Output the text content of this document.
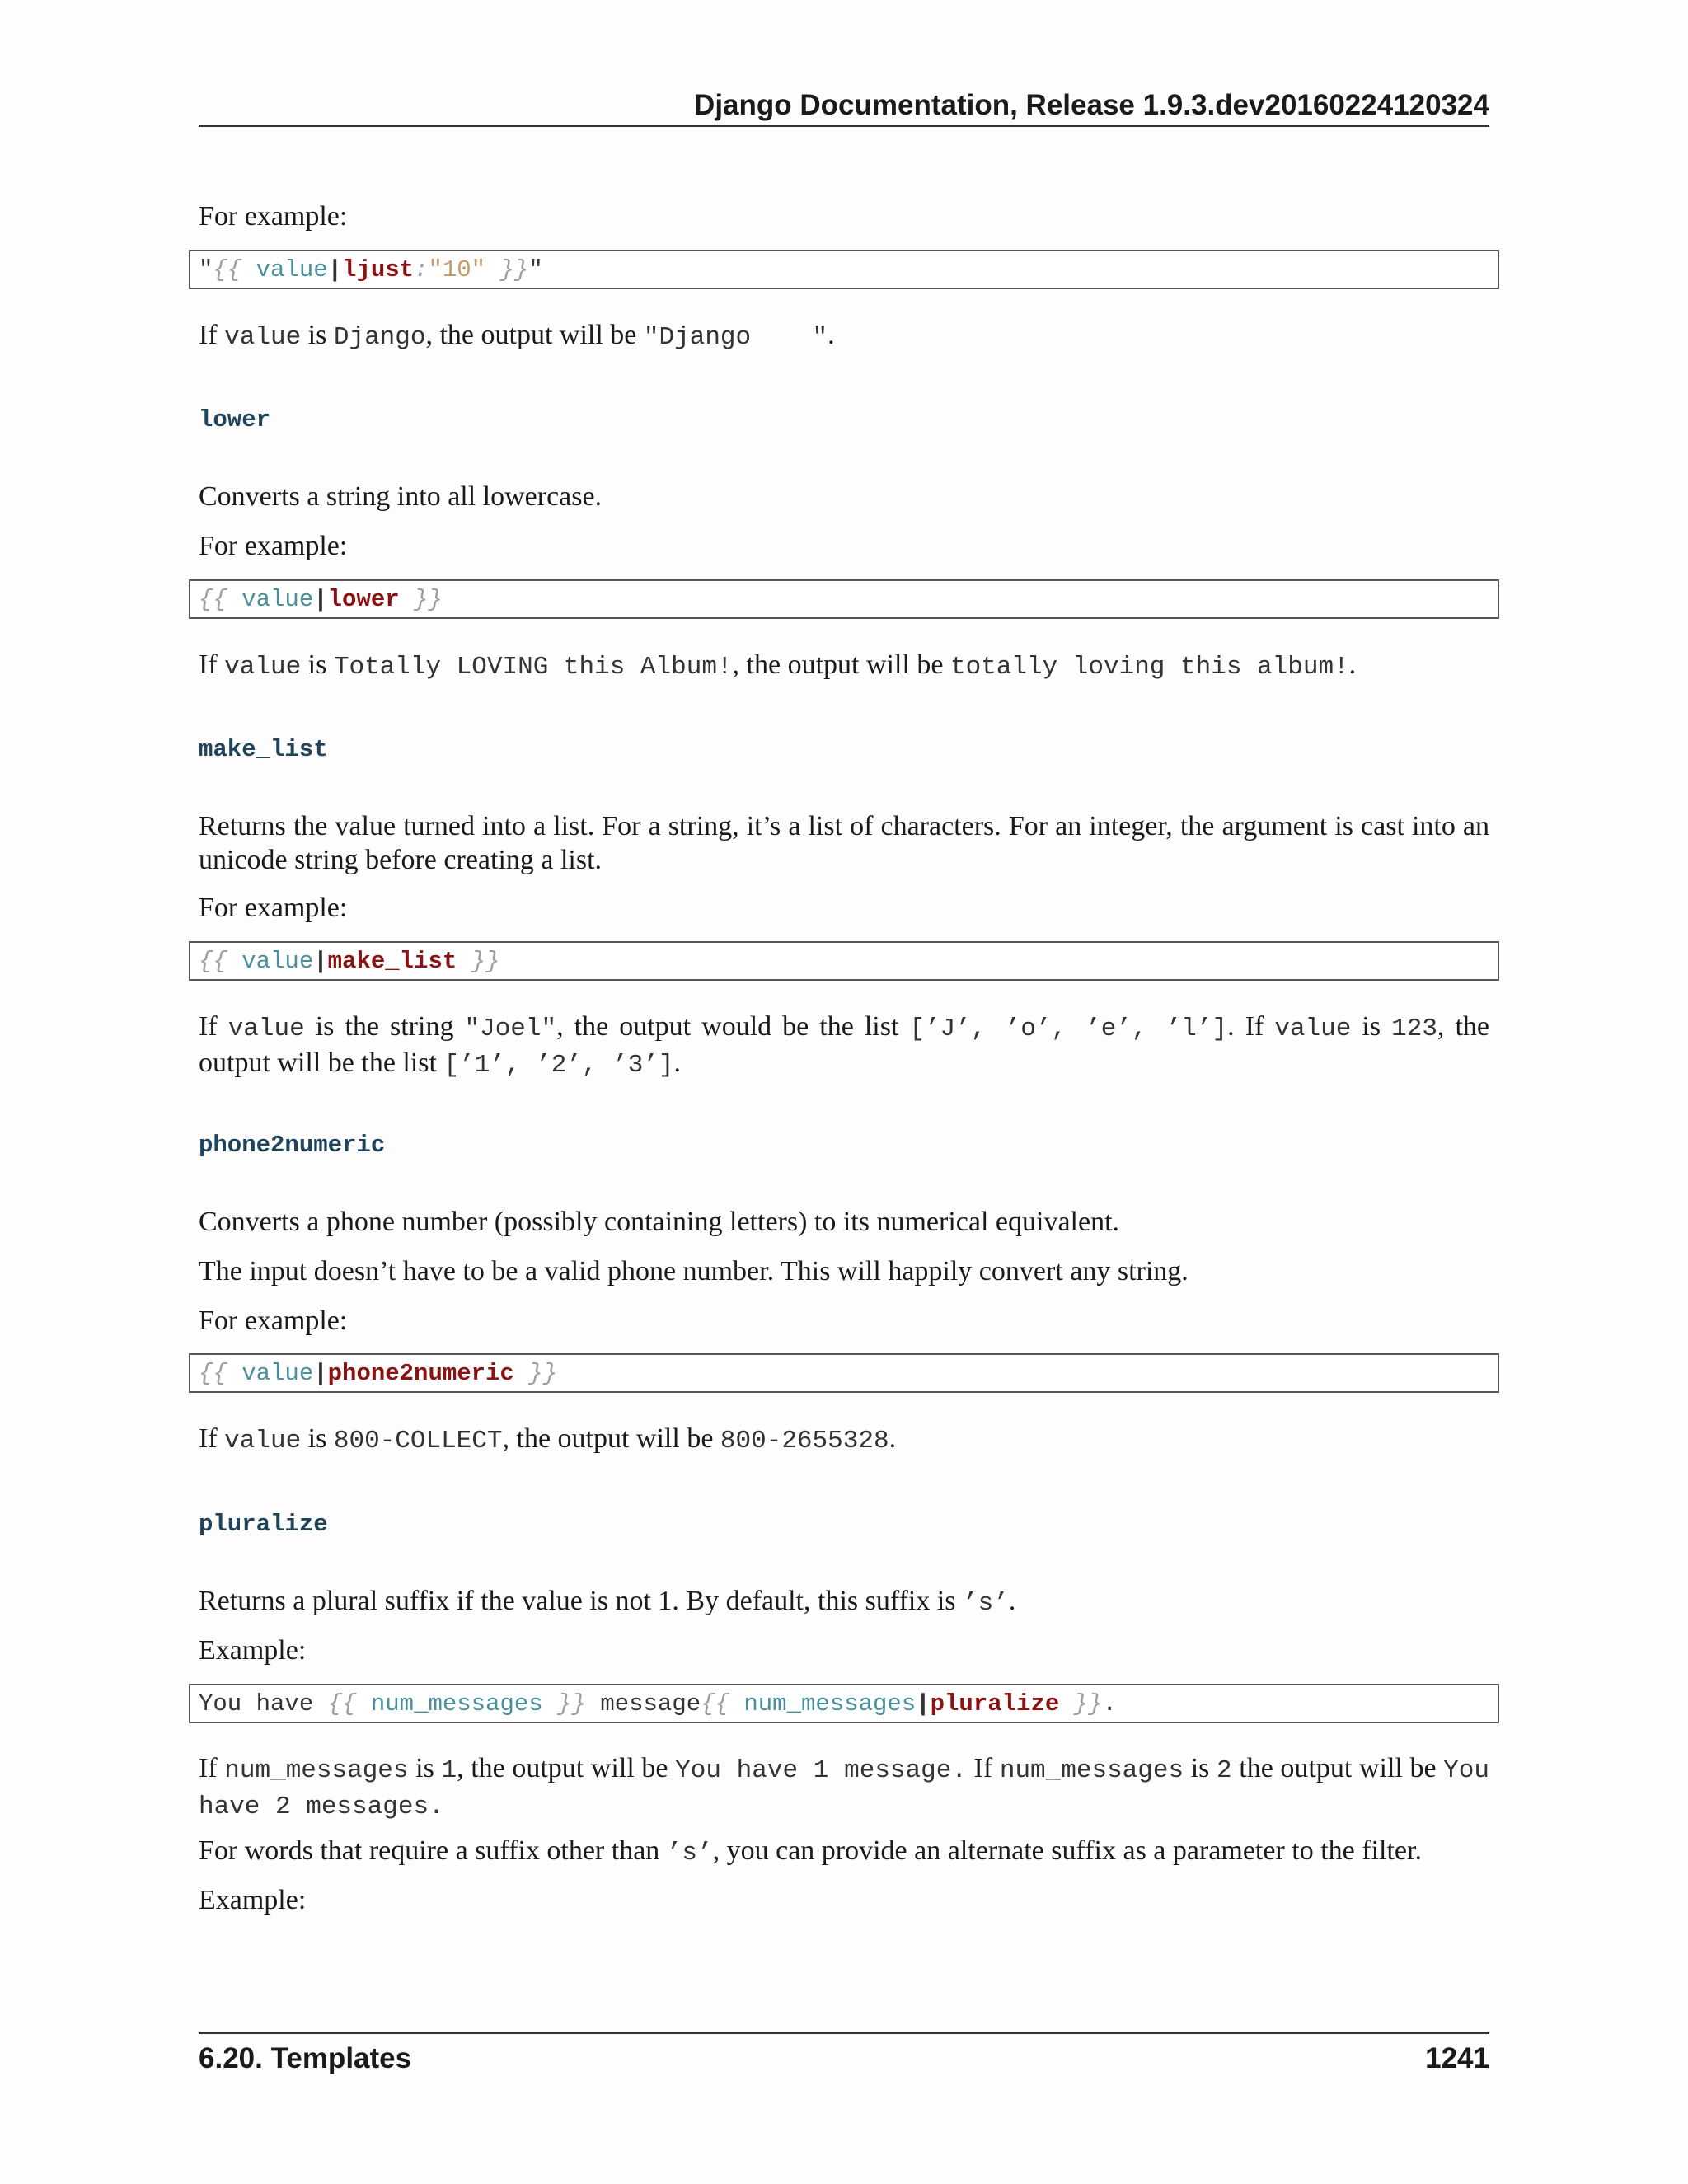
Django Documentation, Release 1.9.3.dev20160224120324

For example:

"{{ value|ljust:"10" }}"

If value is Django, the output will be "Django    ".

lower

Converts a string into all lowercase.

For example:

{{ value|lower }}

If value is Totally LOVING this Album!, the output will be totally loving this album!.

make_list

Returns the value turned into a list. For a string, it’s a list of characters. For an integer, the argument is cast into an unicode string before creating a list.

For example:

{{ value|make_list }}

If value is the string "Joel", the output would be the list [’J’, ’o’, ’e’, ’l’]. If value is 123, the output will be the list [’1’, ’2’, ’3’].

phone2numeric

Converts a phone number (possibly containing letters) to its numerical equivalent.

The input doesn’t have to be a valid phone number. This will happily convert any string.

For example:

{{ value|phone2numeric }}

If value is 800-COLLECT, the output will be 800-2655328.

pluralize

Returns a plural suffix if the value is not 1. By default, this suffix is ’s’.

Example:

You have {{ num_messages }} message{{ num_messages|pluralize }}.

If num_messages is 1, the output will be You have 1 message. If num_messages is 2 the output will be You have 2 messages.

For words that require a suffix other than ’s’, you can provide an alternate suffix as a parameter to the filter.

Example:

6.20. Templates	1241
